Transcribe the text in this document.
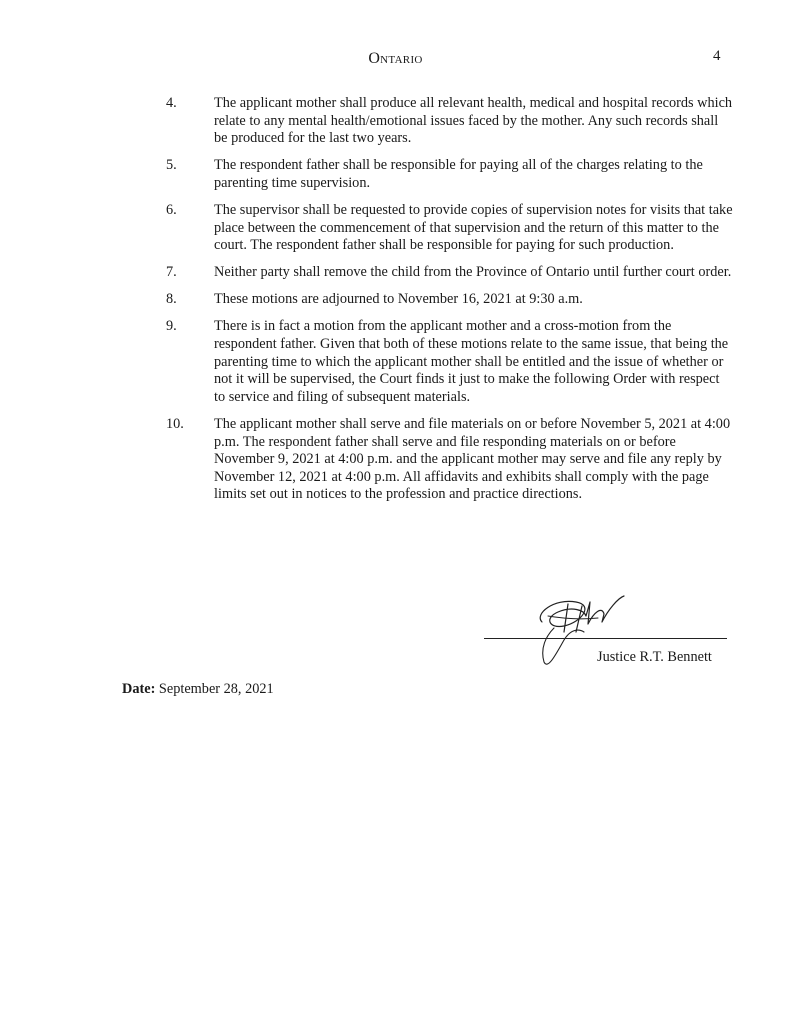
Ontario	4
4.	The applicant mother shall produce all relevant health, medical and hospital records which relate to any mental health/emotional issues faced by the mother. Any such records shall be produced for the last two years.
5.	The respondent father shall be responsible for paying all of the charges relating to the parenting time supervision.
6.	The supervisor shall be requested to provide copies of supervision notes for visits that take place between the commencement of that supervision and the return of this matter to the court. The respondent father shall be responsible for paying for such production.
7.	Neither party shall remove the child from the Province of Ontario until further court order.
8.	These motions are adjourned to November 16, 2021 at 9:30 a.m.
9.	There is in fact a motion from the applicant mother and a cross-motion from the respondent father. Given that both of these motions relate to the same issue, that being the parenting time to which the applicant mother shall be entitled and the issue of whether or not it will be supervised, the Court finds it just to make the following Order with respect to service and filing of subsequent materials.
10.	The applicant mother shall serve and file materials on or before November 5, 2021 at 4:00 p.m. The respondent father shall serve and file responding materials on or before November 9, 2021 at 4:00 p.m. and the applicant mother may serve and file any reply by November 12, 2021 at 4:00 p.m. All affidavits and exhibits shall comply with the page limits set out in notices to the profession and practice directions.
Justice R.T. Bennett
Date: September 28, 2021
